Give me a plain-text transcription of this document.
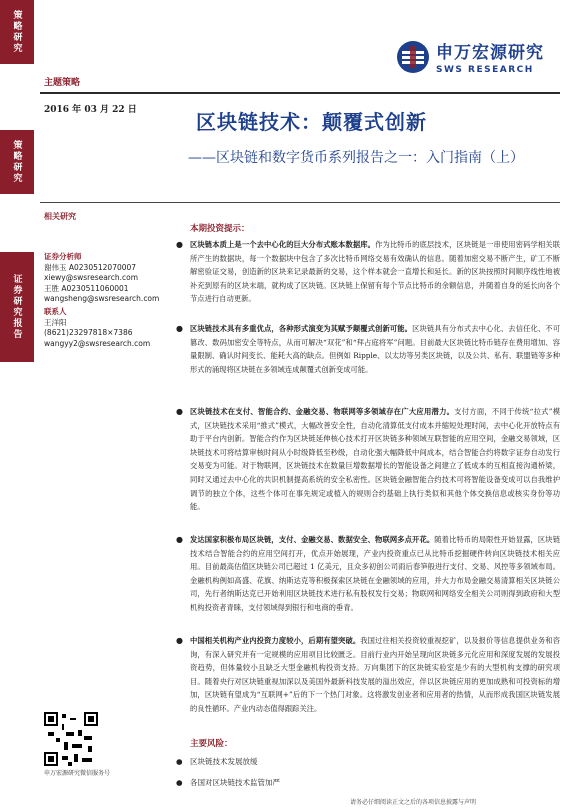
策略研究
策略研究
证券研究报告
申万宏源研究
SWS RESEARCH
主题策略
2016 年 03 月 22 日	区块链技术：颠覆式创新
——区块链和数字货币系列报告之一：入门指南（上）
相关研究
证券分析师
谢伟玉 A0230512070007
xiewy@swsresearch.com
王胜 A0230511060001
wangsheng@swsresearch.com
联系人
王洋阳
(8621)23297818×7386
wangyy2@swsresearch.com
本期投资提示：
● 区块链本质上是一个去中心化的巨大分布式账本数据库。作为比特币的底层技术，区块链是一串使用密码学相关联所产生的数据块，每一个数据块中包含了多次比特币网络交易有效确认的信息。随着加密交易不断产生，矿工不断解密验证交易，创造新的区块来记录最新的交易，这个样本就会一直增长和延长。新的区块按照时间顺序线性地被补充到原有的区块末端，就构成了区块链。区块链上保留有每个节点比特币的余额信息，并随着自身的延长向各个节点进行自动更新。
● 区块链技术具有多重优点，各种形式演变为其赋予颠覆式创新可能。区块链具有分布式去中心化、去信任化、不可篡改、数码加密安全等特点，从而可解决“双花”和“拜占庭将军”问题。目前最大区块链比特币链存在费用增加、容量限制、确认时间变长、能耗大高的缺点。但例如 Ripple、以太坊等另类区块链，以及公共、私有、联盟链等多种形式的涌现将区块链在多领域连成颠覆式创新变成可能。
● 区块链技术在支付、智能合约、金融交易、物联网等多领域存在广大应用潜力。支付方面，不同于传统“拉式”模式，区块链技术采用“推式”模式，大幅改善安全性，自动化清算低支付成本并缩短处理时间，去中心化开放特点有助于平台内创新。智能合约作为区块链延伸核心技术打开区块链多种领域互联智能的应用空间，金融交易领域，区块链技术可将结算审核时间从小时级降低至秒级，自动化强大幅降低中间成本，结合智能合约将数字证券自动发行交易变为可能。对于物联网，区块链技术在数量巨增数据增长的智能设备之间建立了低成本的互相直接沟通桥梁，同时又通过去中心化的共识机制提高系统的安全私密性。区块链金融智能合约技术可将智能设备变成可以自我维护调节的独立个体，这些个体可在事先规定或植入的规则合约基础上执行类似和其他个体交换信息或核实身份等功能。
● 发达国家积极布局区块链，支付、金融交易、数据安全、物联网多点开花。随着比特币的局限性开始显露，区块链技术结合智能合约的应用空间打开，优点开始展现，产业内投资重点已从比特币挖掘硬件转向区块链技术相关应用。目前最高估值区块链公司已超过 1 亿美元，且众多初创公司雨后春笋般进行支付、交易、风控等多领域布局。金融机构例如高盛、花旗、纳斯达克等积极探索区块链在金融领域的应用，并大力布局金融交易清算相关区块链公司，先行者纳斯达克已开始利用区块链技术进行私有股权发行交易；物联网和网络安全相关公司则得到政府和大型机构投资者青睐，支付领域得到银行和电商的垂青。
● 中国相关机构产业内投资力度较小，后期有望突破。我国过往相关投资较重视挖矿，以及报价等信息提供业务和咨询，有深入研究并有一定规模的应用项目比较匮乏。目前行业内开始呈现向区块链多元化应用和深度发展的发展投资趋势，但体量较小且缺乏大型金融机构投资支持。万向集团下的区块链实验室是少有的大型机构支撑的研究项目。随着央行对区块链重视加深以及美国外最新科技发展的溢出效应，伴以区块链应用的更加成熟和可投资标的增加，区块链有望成为“互联网+”后的下一个热门对象。这将激发创业者和应用者的热情，从而形成我国区块链发展的良性循环。产业内动态值得跟踪关注。
主要风险：
● 区块链技术发展放缓
● 各国对区块链技术监管加严
申万宏源研究微信服务号
请务必仔细阅读正文之后的各项信息披露与声明
